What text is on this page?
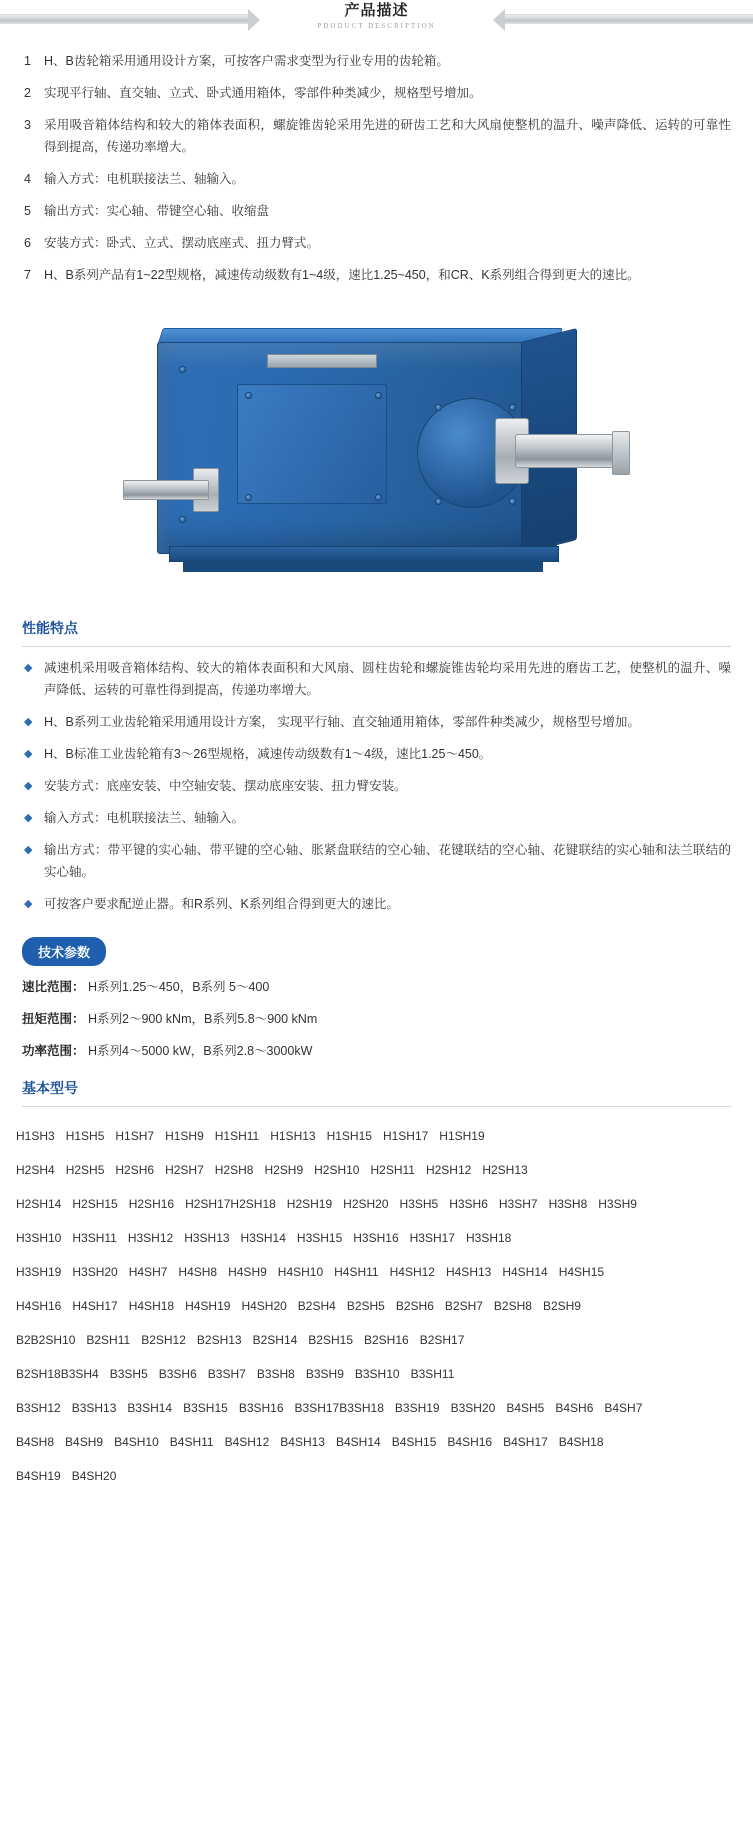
产品描述
PDODUCT DESCRIPTION
1	H、B齿轮箱采用通用设计方案，可按客户需求变型为行业专用的齿轮箱。
2	实现平行轴、直交轴、立式、卧式通用箱体，零部件种类减少，规格型号增加。
3	采用吸音箱体结构和较大的箱体表面积，螺旋锥齿轮采用先进的研齿工艺和大风扇使整机的温升、噪声降低、运转的可靠性得到提高，传递功率增大。
4	输入方式：电机联接法兰、轴输入。
5	输出方式：实心轴、带键空心轴、收缩盘
6	安装方式：卧式、立式、摆动底座式、扭力臂式。
7	H、B系列产品有1~22型规格，减速传动级数有1~4级，速比1.25~450，和CR、K系列组合得到更大的速比。
性能特点
◆ 减速机采用吸音箱体结构、较大的箱体表面积和大风扇、圆柱齿轮和螺旋锥齿轮均采用先进的磨齿工艺，使整机的温升、噪声降低、运转的可靠性得到提高，传递功率增大。
◆ H、B系列工业齿轮箱采用通用设计方案， 实现平行轴、直交轴通用箱体，零部件种类减少，规格型号增加。
◆ H、B标准工业齿轮箱有3～26型规格，减速传动级数有1～4级，速比1.25～450。
◆ 安装方式：底座安装、中空轴安装、摆动底座安装、扭力臂安装。
◆ 输入方式：电机联接法兰、轴输入。
◆ 输出方式：带平键的实心轴、带平键的空心轴、胀紧盘联结的空心轴、花键联结的空心轴、花键联结的实心轴和法兰联结的实心轴。
◆ 可按客户要求配逆止器。和R系列、K系列组合得到更大的速比。
技术参数
速比范围： H系列1.25～450，B系列 5～400
扭矩范围： H系列2～900 kNm，B系列5.8～900 kNm
功率范围： H系列4～5000 kW，B系列2.8～3000kW
基本型号
H1SH3 H1SH5 H1SH7 H1SH9 H1SH11 H1SH13 H1SH15 H1SH17 H1SH19
H2SH4 H2SH5 H2SH6 H2SH7 H2SH8 H2SH9 H2SH10 H2SH11 H2SH12 H2SH13
H2SH14 H2SH15 H2SH16 H2SH17H2SH18 H2SH19 H2SH20 H3SH5 H3SH6 H3SH7 H3SH8 H3SH9
H3SH10 H3SH11 H3SH12 H3SH13 H3SH14 H3SH15 H3SH16 H3SH17 H3SH18
H3SH19 H3SH20 H4SH7 H4SH8 H4SH9 H4SH10 H4SH11 H4SH12 H4SH13 H4SH14 H4SH15
H4SH16 H4SH17 H4SH18 H4SH19 H4SH20 B2SH4 B2SH5 B2SH6 B2SH7 B2SH8 B2SH9
B2B2SH10 B2SH11 B2SH12 B2SH13 B2SH14 B2SH15 B2SH16 B2SH17
B2SH18B3SH4 B3SH5 B3SH6 B3SH7 B3SH8 B3SH9 B3SH10 B3SH11
B3SH12 B3SH13 B3SH14 B3SH15 B3SH16 B3SH17B3SH18 B3SH19 B3SH20 B4SH5 B4SH6 B4SH7
B4SH8 B4SH9 B4SH10 B4SH11 B4SH12 B4SH13 B4SH14 B4SH15 B4SH16 B4SH17 B4SH18
B4SH19 B4SH20
